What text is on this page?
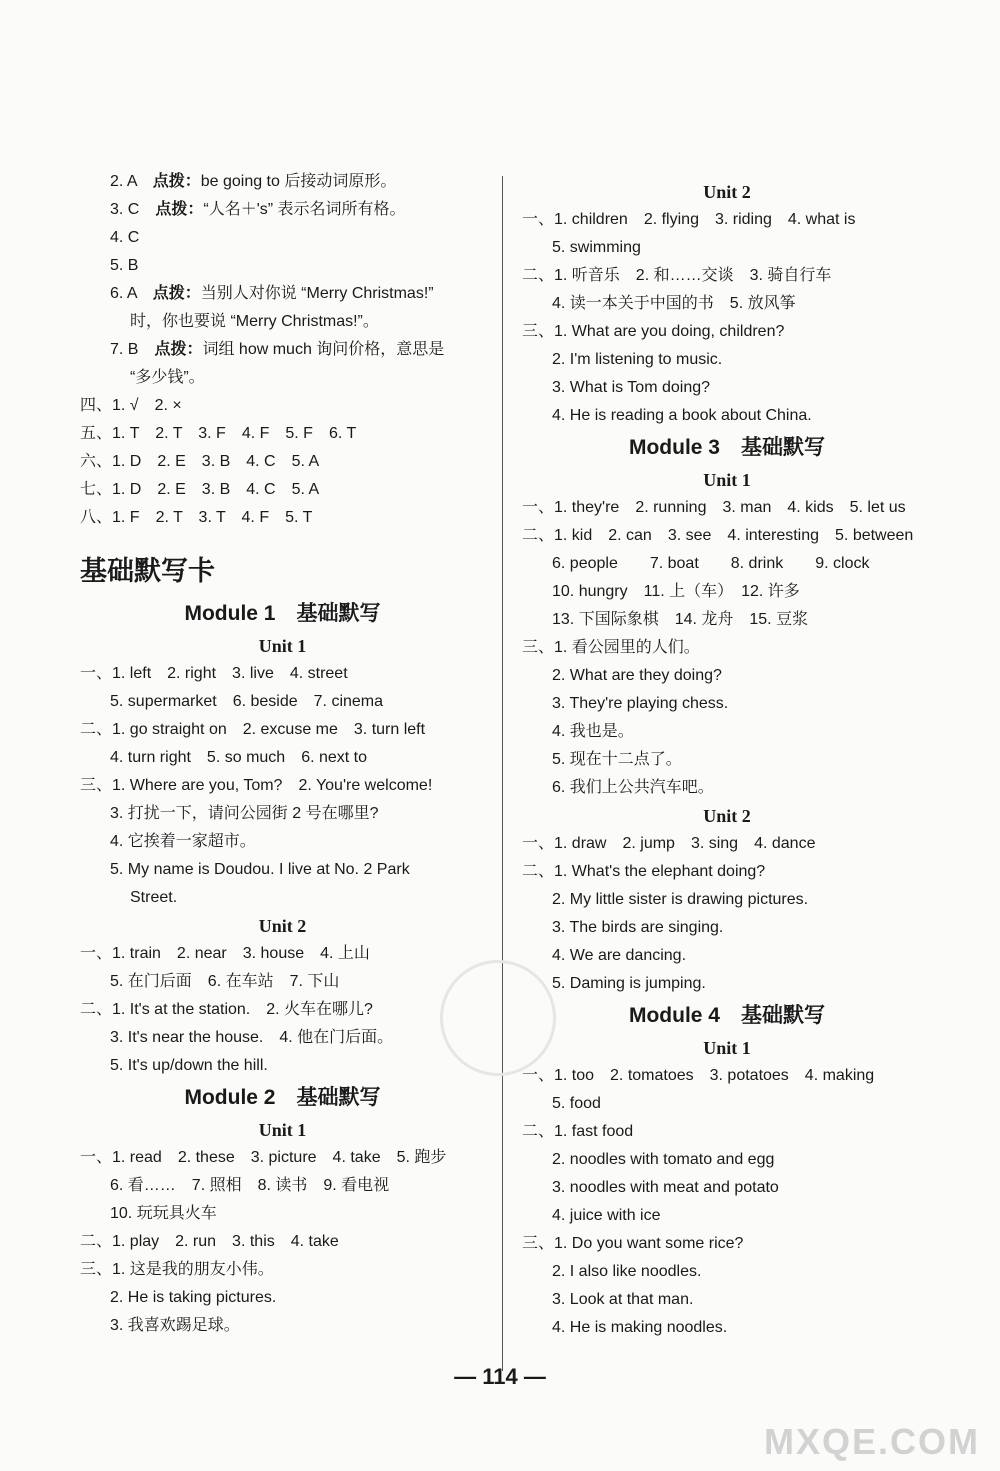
2. A　点拨：be going to 后接动词原形。
3. C　点拨：“人名＋'s” 表示名词所有格。
4. C
5. B
6. A　点拨：当别人对你说 “Merry Christmas!”
时，你也要说 “Merry Christmas!”。
7. B　点拨：词组 how much 询问价格，意思是
“多少钱”。
四、1. √　2. ×
五、1. T　2. T　3. F　4. F　5. F　6. T
六、1. D　2. E　3. B　4. C　5. A
七、1. D　2. E　3. B　4. C　5. A
八、1. F　2. T　3. T　4. F　5. T
基础默写卡
Module 1　基础默写
Unit 1
一、1. left　2. right　3. live　4. street
5. supermarket　6. beside　7. cinema
二、1. go straight on　2. excuse me　3. turn left
4. turn right　5. so much　6. next to
三、1. Where are you, Tom?　2. You're welcome!
3. 打扰一下，请问公园街 2 号在哪里?
4. 它挨着一家超市。
5. My name is Doudou. I live at No. 2 Park
Street.
Unit 2
一、1. train　2. near　3. house　4. 上山
5. 在门后面　6. 在车站　7. 下山
二、1. It's at the station.　2. 火车在哪儿?
3. It's near the house.　4. 他在门后面。
5. It's up/down the hill.
Module 2　基础默写
Unit 1
一、1. read　2. these　3. picture　4. take　5. 跑步
6. 看……　7. 照相　8. 读书　9. 看电视
10. 玩玩具火车
二、1. play　2. run　3. this　4. take
三、1. 这是我的朋友小伟。
2. He is taking pictures.
3. 我喜欢踢足球。
Unit 2
一、1. children　2. flying　3. riding　4. what is
5. swimming
二、1. 听音乐　2. 和……交谈　3. 骑自行车
4. 读一本关于中国的书　5. 放风筝
三、1. What are you doing, children?
2. I'm listening to music.
3. What is Tom doing?
4. He is reading a book about China.
Module 3　基础默写
Unit 1
一、1. they're　2. running　3. man　4. kids　5. let us
二、1. kid　2. can　3. see　4. interesting　5. between
6. people　　7. boat　　8. drink　　9. clock
10. hungry　11. 上（车）　12. 许多
13. 下国际象棋　14. 龙舟　15. 豆浆
三、1. 看公园里的人们。
2. What are they doing?
3. They're playing chess.
4. 我也是。
5. 现在十二点了。
6. 我们上公共汽车吧。
Unit 2
一、1. draw　2. jump　3. sing　4. dance
二、1. What's the elephant doing?
2. My little sister is drawing pictures.
3. The birds are singing.
4. We are dancing.
5. Daming is jumping.
Module 4　基础默写
Unit 1
一、1. too　2. tomatoes　3. potatoes　4. making
5. food
二、1. fast food
2. noodles with tomato and egg
3. noodles with meat and potato
4. juice with ice
三、1. Do you want some rice?
2. I also like noodles.
3. Look at that man.
4. He is making noodles.
— 114 —
MXQE.COM
